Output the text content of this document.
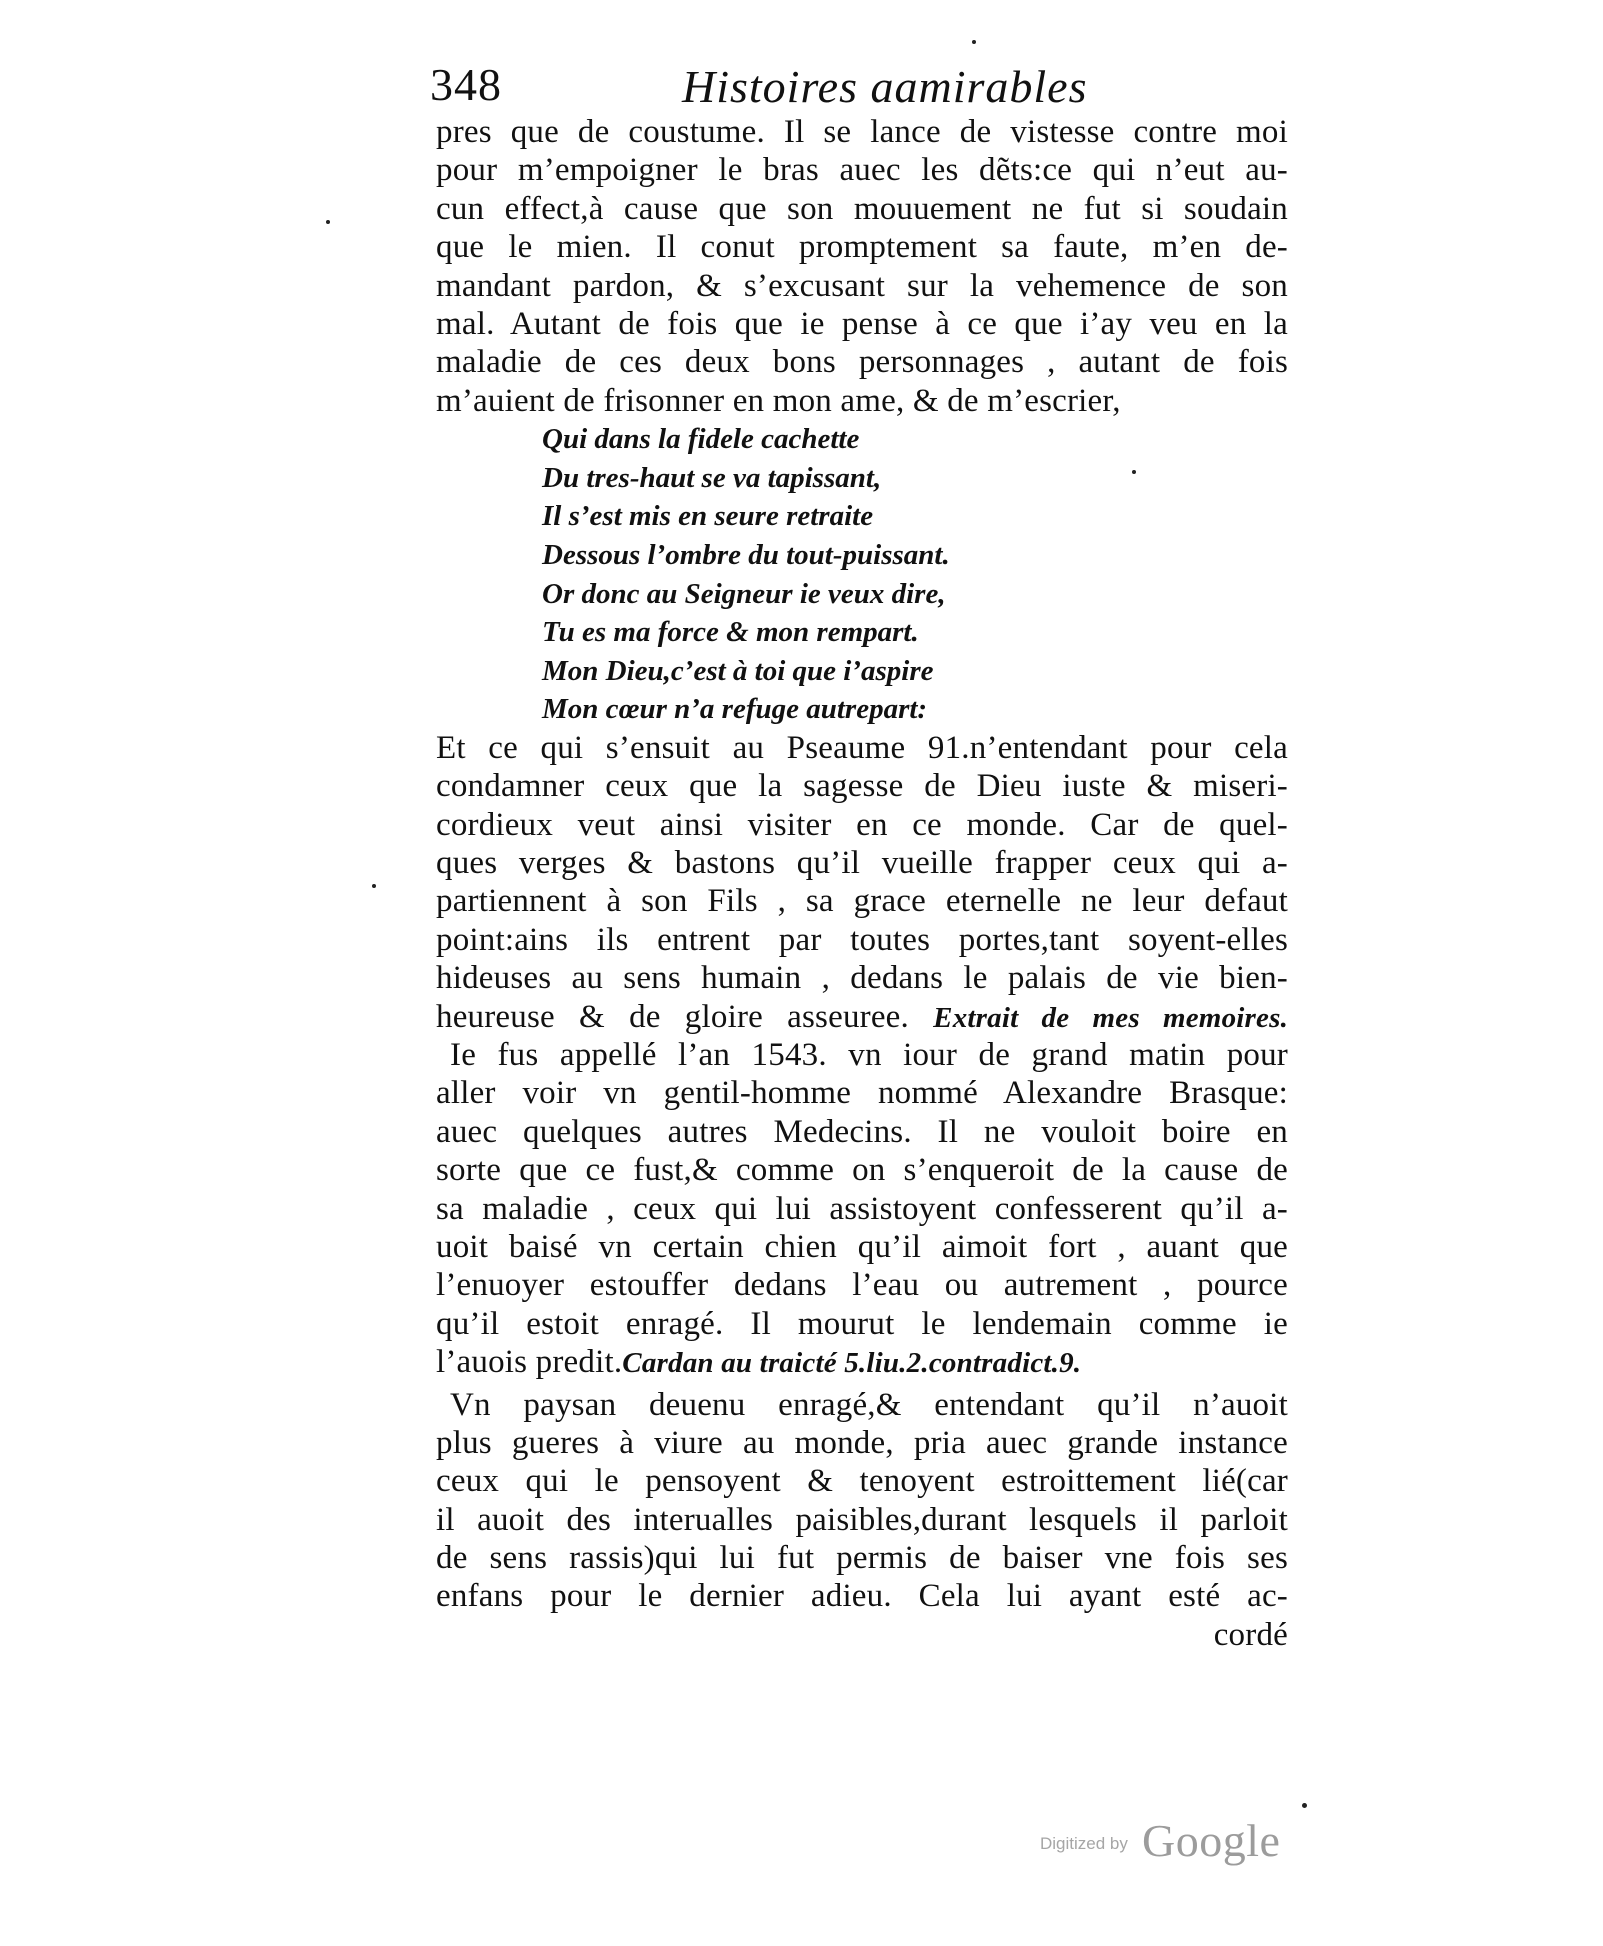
348	Histoires aamirables
pres que de coustume. Il se lance de vistesse contre moi
pour m’empoigner le bras auec les dẽts:ce qui n’eut au-
cun effect,à cause que son mouuement ne fut si soudain
que le mien. Il conut promptement sa faute, m’en de-
mandant pardon, & s’excusant sur la vehemence de son
mal. Autant de fois que ie pense à ce que i’ay veu en la
maladie de ces deux bons personnages , autant de fois
m’auient de frisonner en mon ame, & de m’escrier,
Qui dans la fidele cachette
Du tres-haut se va tapissant,
Il s’est mis en seure retraite
Dessous l’ombre du tout-puissant.
Or donc au Seigneur ie veux dire,
Tu es ma force & mon rempart.
Mon Dieu,c’est à toi que i’aspire
Mon cœur n’a refuge autrepart:
Et ce qui s’ensuit au Pseaume 91.n’entendant pour cela
condamner ceux que la sagesse de Dieu iuste & miseri-
cordieux veut ainsi visiter en ce monde. Car de quel-
ques verges & bastons qu’il vueille frapper ceux qui a-
partiennent à son Fils , sa grace eternelle ne leur defaut
point:ains ils entrent par toutes portes,tant soyent-elles
hideuses au sens humain , dedans le palais de vie bien-
heureuse & de gloire asseuree. Extrait de mes memoires.
Ie fus appellé l’an 1543. vn iour de grand matin pour
aller voir vn gentil-homme nommé Alexandre Brasque:
auec quelques autres Medecins. Il ne vouloit boire en
sorte que ce fust,& comme on s’enqueroit de la cause de
sa maladie , ceux qui lui assistoyent confesserent qu’il a-
uoit baisé vn certain chien qu’il aimoit fort , auant que
l’enuoyer estouffer dedans l’eau ou autrement , pource
qu’il estoit enragé. Il mourut le lendemain comme ie
l’auois predit.Cardan au traicté 5.liu.2.contradict.9.
Vn paysan deuenu enragé,& entendant qu’il n’auoit
plus gueres à viure au monde, pria auec grande instance
ceux qui le pensoyent & tenoyent estroittement lié(car
il auoit des interualles paisibles,durant lesquels il parloit
de sens rassis)qui lui fut permis de baiser vne fois ses
enfans pour le dernier adieu. Cela lui ayant esté ac-
cordé
Digitized by Google
